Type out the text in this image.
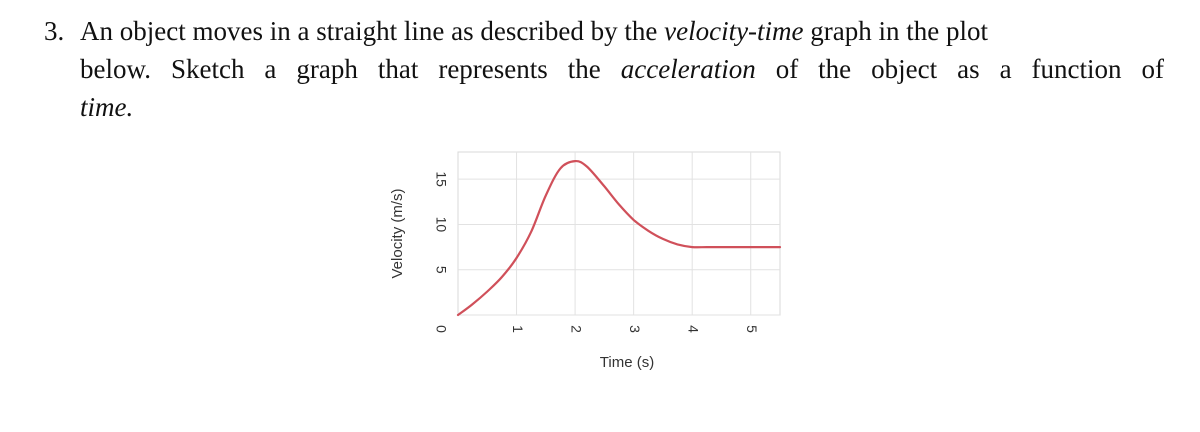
3. An object moves in a straight line as described by the velocity-time graph in the plot
below. Sketch a graph that represents the acceleration of the object as a function of
time.
0
5
10
15
1	2	3	4	5
Velocity (m/s)
Time (s)
